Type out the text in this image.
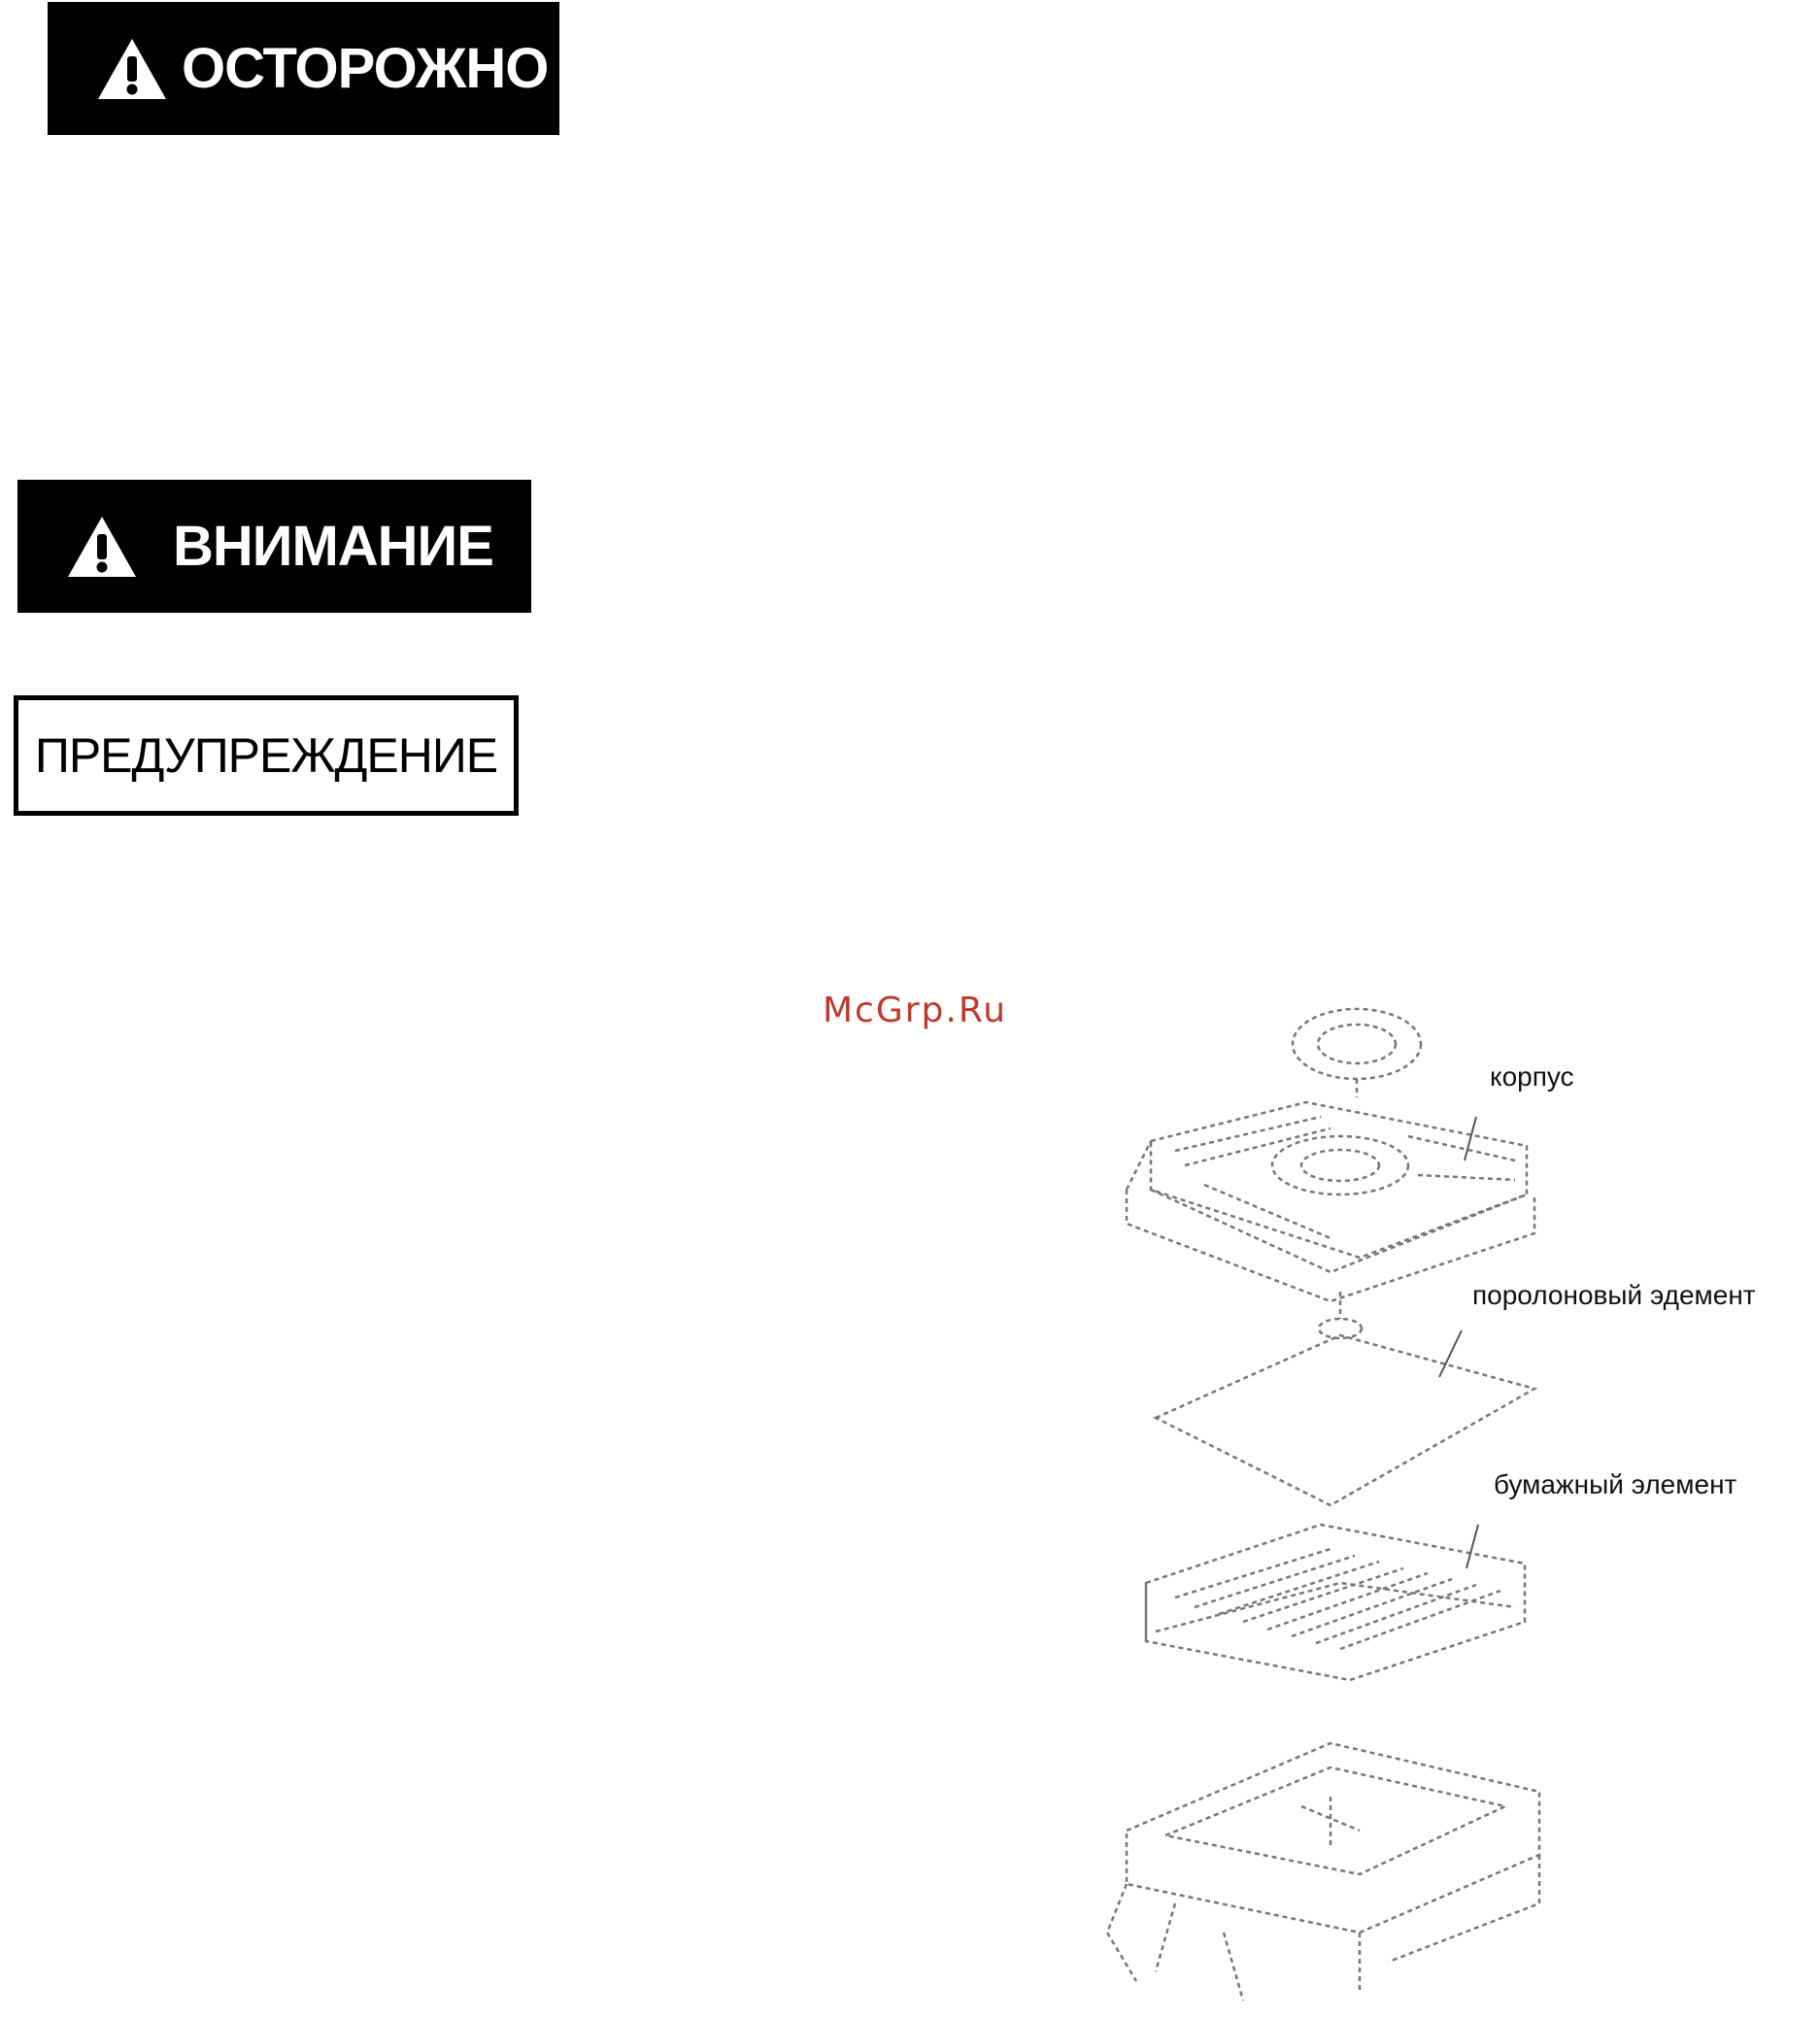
ОСТОРОЖНО
ВНИМАНИЕ
ПРЕДУПРЕЖДЕНИЕ
McGrp.Ru
корпус
поролоновый эдемент
бумажный элемент
